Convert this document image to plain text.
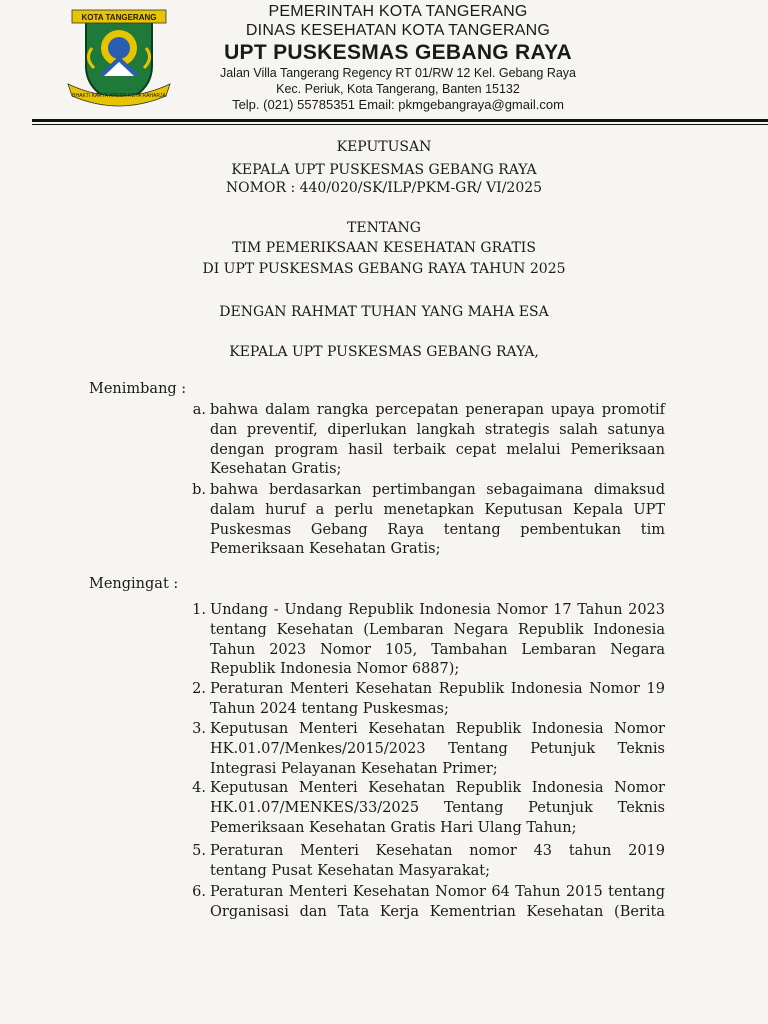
KOTA TANGERANG
BHAKTI KARYA ANGGA KOTA RAHARJA
PEMERINTAH KOTA TANGERANG
DINAS KESEHATAN KOTA TANGERANG
UPT PUSKESMAS GEBANG RAYA
Jalan Villa Tangerang Regency RT 01/RW 12 Kel. Gebang Raya
Kec. Periuk, Kota Tangerang, Banten 15132
Telp. (021) 55785351 Email: pkmgebangraya@gmail.com
KEPUTUSAN
KEPALA UPT PUSKESMAS GEBANG RAYA
NOMOR : 440/020/SK/ILP/PKM-GR/ VI/2025
TENTANG
TIM PEMERIKSAAN KESEHATAN GRATIS
DI UPT PUSKESMAS GEBANG RAYA TAHUN 2025
DENGAN RAHMAT TUHAN YANG MAHA ESA
KEPALA UPT PUSKESMAS GEBANG RAYA,
Menimbang :
a. bahwa dalam rangka percepatan penerapan upaya promotif
dan preventif, diperlukan langkah strategis salah satunya
dengan program hasil terbaik cepat melalui Pemeriksaan
Kesehatan Gratis;
b. bahwa berdasarkan pertimbangan sebagaimana dimaksud
dalam huruf a perlu menetapkan Keputusan Kepala UPT
Puskesmas Gebang Raya tentang pembentukan tim
Pemeriksaan Kesehatan Gratis;
Mengingat :
1. Undang - Undang Republik Indonesia Nomor 17 Tahun 2023
tentang Kesehatan (Lembaran Negara Republik Indonesia
Tahun 2023 Nomor 105, Tambahan Lembaran Negara
Republik Indonesia Nomor 6887);
2. Peraturan Menteri Kesehatan Republik Indonesia Nomor 19
Tahun 2024 tentang Puskesmas;
3. Keputusan Menteri Kesehatan Republik Indonesia Nomor
HK.01.07/Menkes/2015/2023 Tentang Petunjuk Teknis
Integrasi Pelayanan Kesehatan Primer;
4. Keputusan Menteri Kesehatan Republik Indonesia Nomor
HK.01.07/MENKES/33/2025 Tentang Petunjuk Teknis
Pemeriksaan Kesehatan Gratis Hari Ulang Tahun;
5. Peraturan Menteri Kesehatan nomor 43 tahun 2019
tentang Pusat Kesehatan Masyarakat;
6. Peraturan Menteri Kesehatan Nomor 64 Tahun 2015 tentang
Organisasi dan Tata Kerja Kementrian Kesehatan (Berita
